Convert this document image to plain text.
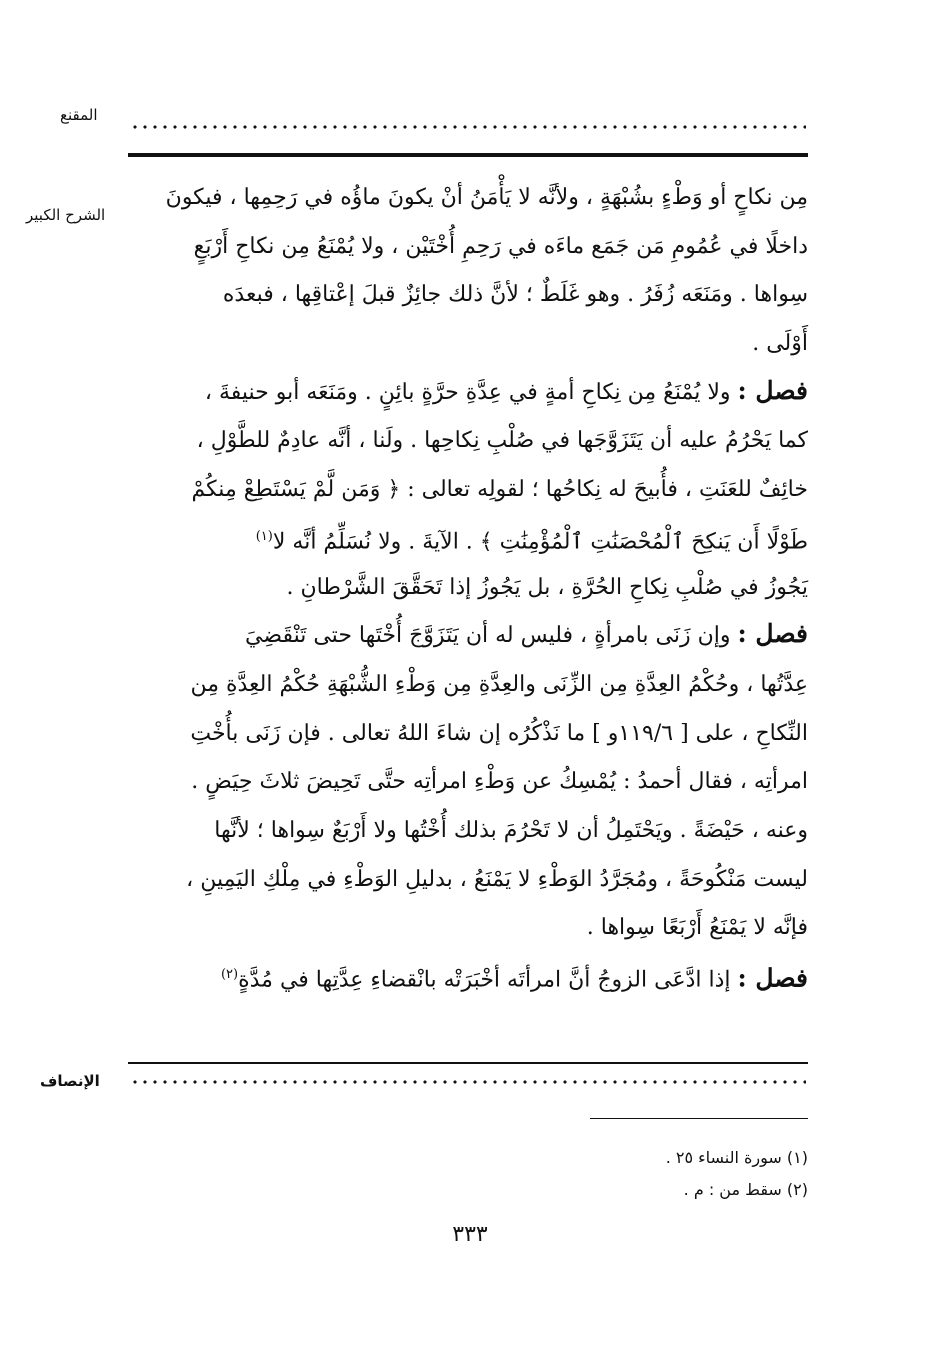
المقنع
الشرح الكبير
مِن نكاحٍ أو وَطْءٍ بشُبْهَةٍ ، ولأنَّه لا يَأْمَنُ أنْ يكونَ ماؤُه في رَحِمِها ، فيكونَ
داخلًا في عُمُومِ مَن جَمَع ماءَه في رَحِمِ أُخْتَيْن ، ولا يُمْنَعُ مِن نكاحِ أَرْبَعٍ
سِواها . ومَنَعَه زُفَرُ . وهو غَلَطٌ ؛ لأنَّ ذلك جائِزٌ قبلَ إعْتاقِها ، فبعدَه
أَوْلَى .
فصل : ولا يُمْنَعُ مِن نِكاحِ أمةٍ في عِدَّةِ حرَّةٍ بائِنٍ . ومَنَعَه أبو حنيفةَ ،
كما يَحْرُمُ عليه أن يَتَزَوَّجَها في صُلْبِ نِكاحِها . ولَنا ، أنَّه عادِمٌ للطَّوْلِ ،
خائِفٌ للعَنَتِ ، فأُبيحَ له نِكاحُها ؛ لقولِه تعالى : ﴿ وَمَن لَّمْ يَسْتَطِعْ مِنكُمْ
طَوْلًا أَن يَنكِحَ ٱلْمُحْصَنَٰتِ ٱلْمُؤْمِنَٰتِ ﴾ . الآيةَ . ولا نُسَلِّمُ أنَّه لا$^{(١)}$
يَجُوزُ في صُلْبِ نِكاحِ الحُرَّةِ ، بل يَجُوزُ إذا تَحَقَّقَ الشَّرْطانِ .
فصل : وإن زَنَى بامرأةٍ ، فليس له أن يَتَزَوَّجَ أُخْتَها حتى تَنْقَضِيَ
عِدَّتُها ، وحُكْمُ العِدَّةِ مِن الزِّنَى والعِدَّةِ مِن وَطْءِ الشُّبْهَةِ حُكْمُ العِدَّةِ مِن
النِّكاحِ ، على [ ١١٩/٦و ] ما نَذْكُرُه إن شاءَ اللهُ تعالى . فإن زَنَى بأُخْتِ
امرأتِه ، فقال أحمدُ : يُمْسِكُ عن وَطْءِ امرأتِه حتَّى تَحِيضَ ثلاثَ حِيَضٍ .
وعنه ، حَيْضَةً . ويَحْتَمِلُ أن لا تَحْرُمَ بذلك أُخْتُها ولا أَرْبَعٌ سِواها ؛ لأنَّها
ليست مَنْكُوحَةً ، ومُجَرَّدُ الوَطْءِ لا يَمْنَعُ ، بدليلِ الوَطْءِ في مِلْكِ اليَمِينِ ،
فإنَّه لا يَمْنَعُ أَرْبَعًا سِواها .
فصل : إذا ادَّعَى الزوجُ أنَّ امرأتَه أخْبَرَتْه بانْقضاءِ عِدَّتِها في مُدَّةٍ$^{(٢)}$
الإنصاف
(١) سورة النساء ٢٥ .
(٢) سقط من : م .
٣٣٣
